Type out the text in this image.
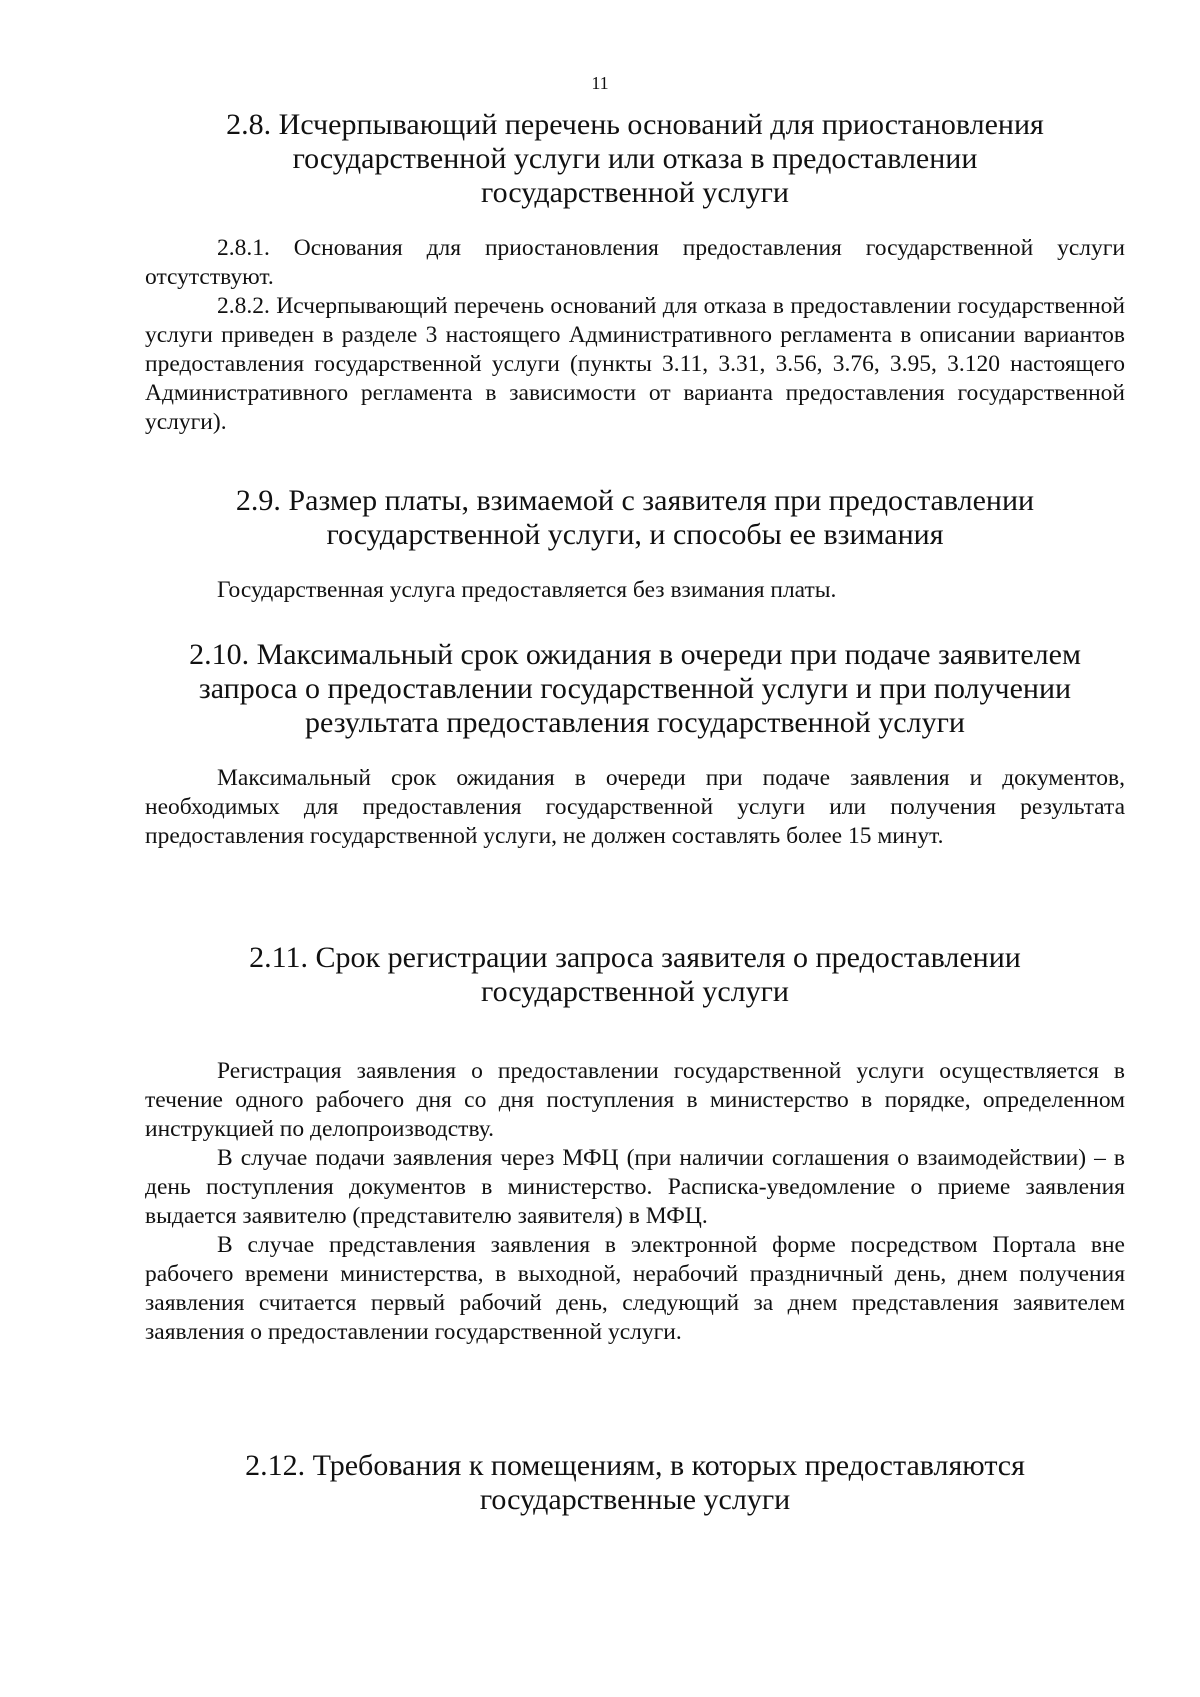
11
2.8. Исчерпывающий перечень оснований для приостановления
государственной услуги или отказа в предоставлении
государственной услуги

2.8.1. Основания для приостановления предоставления государственной услуги отсутствуют.

2.8.2. Исчерпывающий перечень оснований для отказа в предоставлении государственной услуги приведен в разделе 3 настоящего Административного регламента в описании вариантов предоставления государственной услуги (пункты 3.11, 3.31, 3.56, 3.76, 3.95, 3.120 настоящего Административного регламента в зависимости от варианта предоставления государственной услуги).

2.9. Размер платы, взимаемой с заявителя при предоставлении
государственной услуги, и способы ее взимания

Государственная услуга предоставляется без взимания платы.

2.10. Максимальный срок ожидания в очереди при подаче заявителем
запроса о предоставлении государственной услуги и при получении
результата предоставления государственной услуги

Максимальный срок ожидания в очереди при подаче заявления и документов, необходимых для предоставления государственной услуги или получения результата предоставления государственной услуги, не должен составлять более 15 минут.

2.11. Срок регистрации запроса заявителя о предоставлении
государственной услуги

Регистрация заявления о предоставлении государственной услуги осуществляется в течение одного рабочего дня со дня поступления в министерство в порядке, определенном инструкцией по делопроизводству.

В случае подачи заявления через МФЦ (при наличии соглашения о взаимодействии) – в день поступления документов в министерство. Расписка-уведомление о приеме заявления выдается заявителю (представителю заявителя) в МФЦ.

В случае представления заявления в электронной форме посредством Портала вне рабочего времени министерства, в выходной, нерабочий праздничный день, днем получения заявления считается первый рабочий день, следующий за днем представления заявителем заявления о предоставлении государственной услуги.

2.12. Требования к помещениям, в которых предоставляются
государственные услуги
